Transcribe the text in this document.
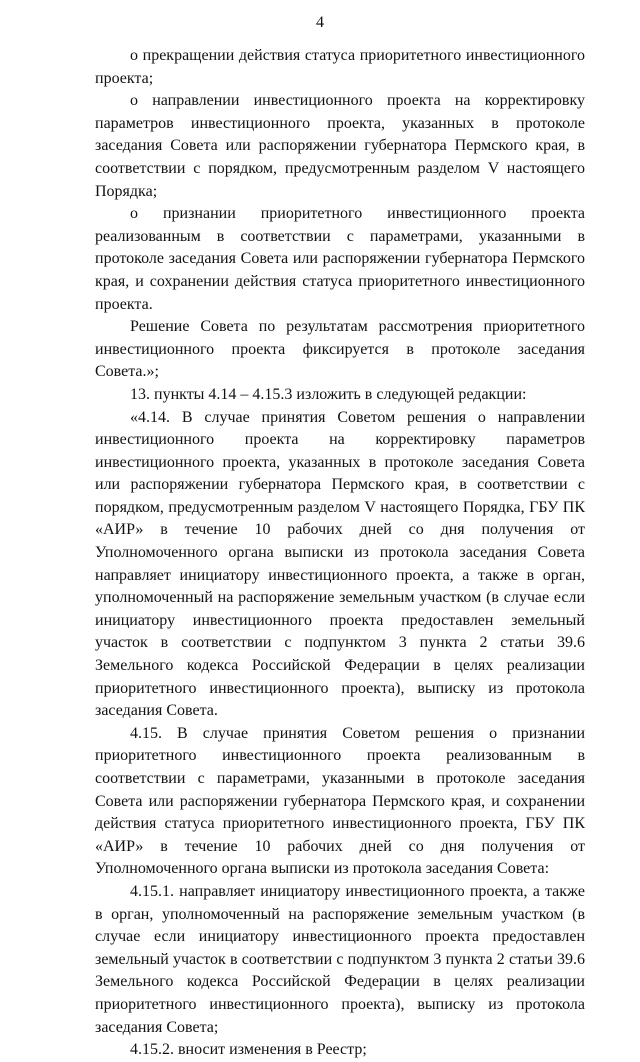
4

о прекращении действия статуса приоритетного инвестиционного проекта;

о направлении инвестиционного проекта на корректировку параметров инвестиционного проекта, указанных в протоколе заседания Совета или распоряжении губернатора Пермского края, в соответствии с порядком, предусмотренным разделом V настоящего Порядка;

о признании приоритетного инвестиционного проекта реализованным в соответствии с параметрами, указанными в протоколе заседания Совета или распоряжении губернатора Пермского края, и сохранении действия статуса приоритетного инвестиционного проекта.

Решение Совета по результатам рассмотрения приоритетного инвестиционного проекта фиксируется в протоколе заседания Совета.»;

13. пункты 4.14 – 4.15.3 изложить в следующей редакции:

«4.14. В случае принятия Советом решения о направлении инвестиционного проекта на корректировку параметров инвестиционного проекта, указанных в протоколе заседания Совета или распоряжении губернатора Пермского края, в соответствии с порядком, предусмотренным разделом V настоящего Порядка, ГБУ ПК «АИР» в течение 10 рабочих дней со дня получения от Уполномоченного органа выписки из протокола заседания Совета направляет инициатору инвестиционного проекта, а также в орган, уполномоченный на распоряжение земельным участком (в случае если инициатору инвестиционного проекта предоставлен земельный участок в соответствии с подпунктом 3 пункта 2 статьи 39.6 Земельного кодекса Российской Федерации в целях реализации приоритетного инвестиционного проекта), выписку из протокола заседания Совета.

4.15. В случае принятия Советом решения о признании приоритетного инвестиционного проекта реализованным в соответствии с параметрами, указанными в протоколе заседания Совета или распоряжении губернатора Пермского края, и сохранении действия статуса приоритетного инвестиционного проекта, ГБУ ПК «АИР» в течение 10 рабочих дней со дня получения от Уполномоченного органа выписки из протокола заседания Совета:

4.15.1. направляет инициатору инвестиционного проекта, а также в орган, уполномоченный на распоряжение земельным участком (в случае если инициатору инвестиционного проекта предоставлен земельный участок в соответствии с подпунктом 3 пункта 2 статьи 39.6 Земельного кодекса Российской Федерации в целях реализации приоритетного инвестиционного проекта), выписку из протокола заседания Совета;

4.15.2. вносит изменения в Реестр;
